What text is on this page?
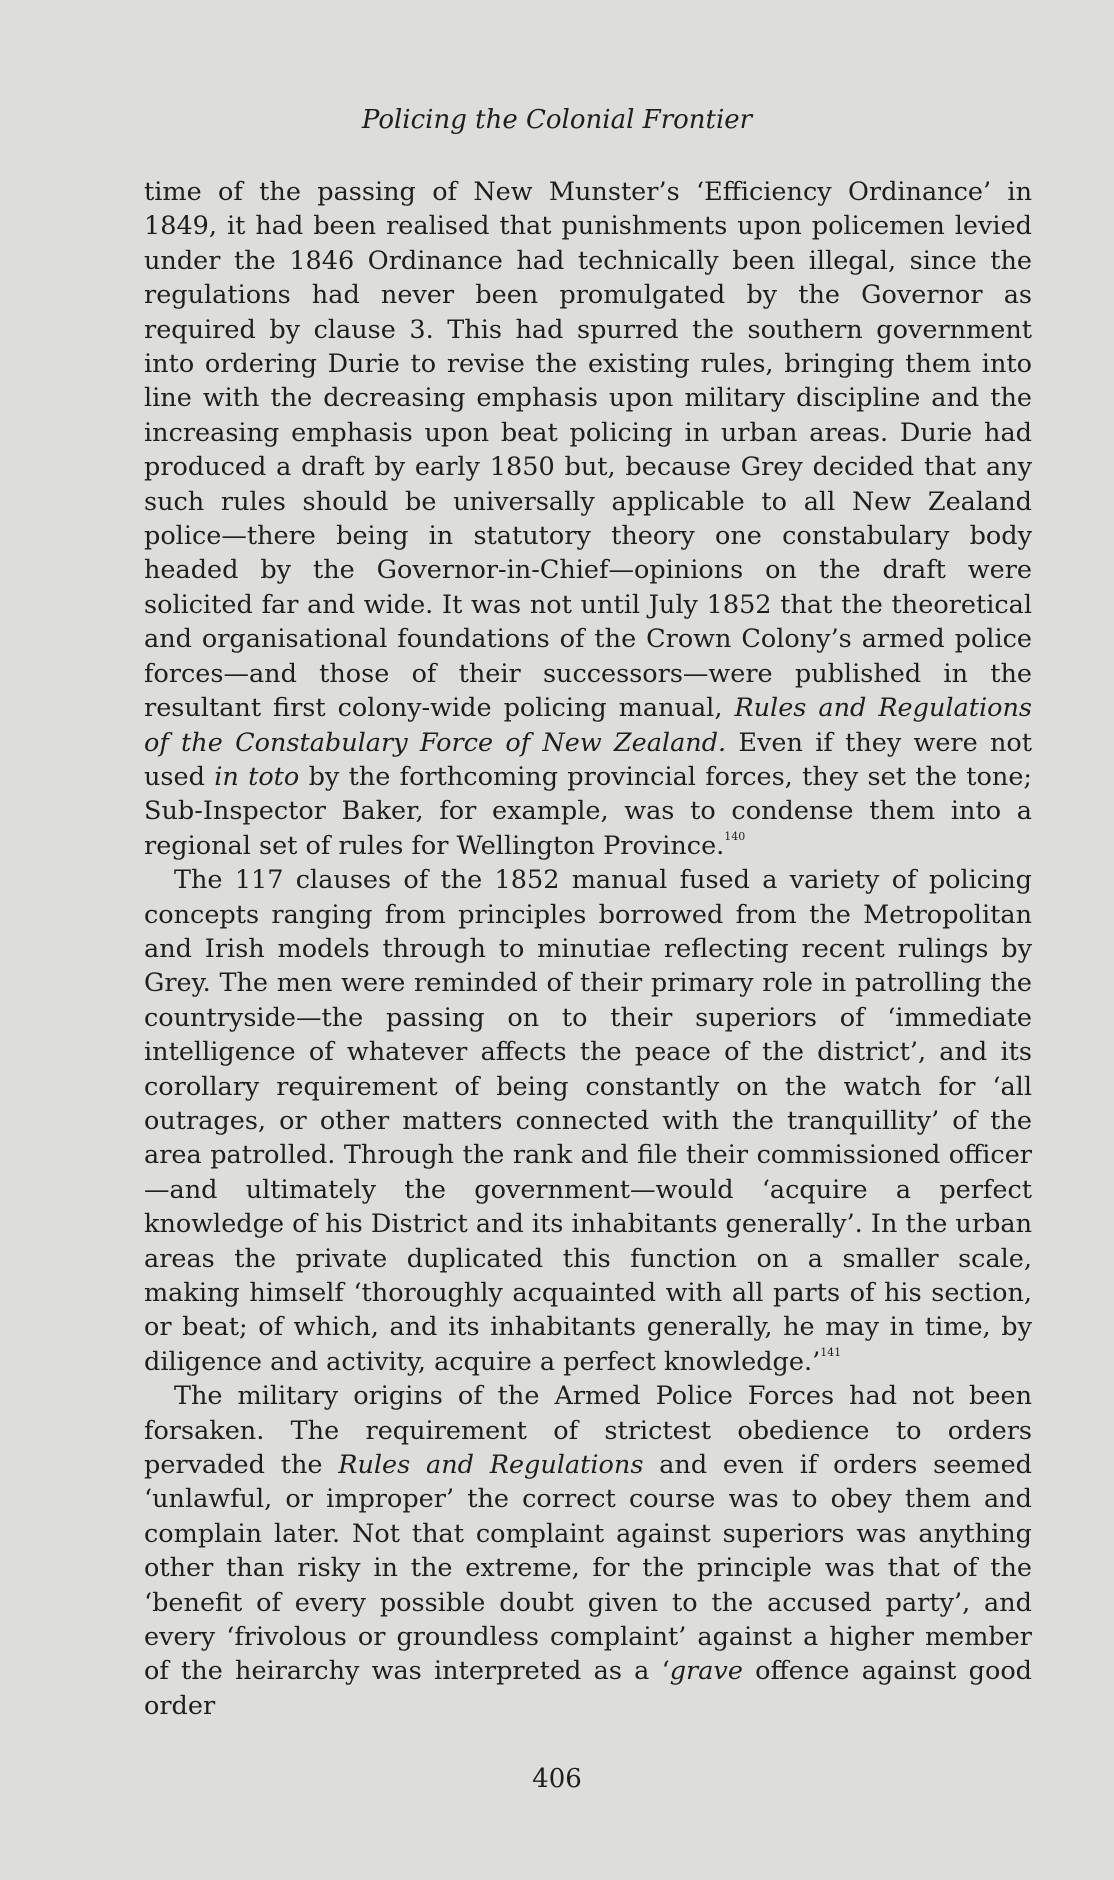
Policing the Colonial Frontier

time of the passing of New Munster’s ‘Efficiency Ordinance’ in 1849, it had been realised that punishments upon policemen levied under the 1846 Ordinance had technically been illegal, since the regulations had never been promulgated by the Governor as required by clause 3. This had spurred the southern government into ordering Durie to revise the existing rules, bringing them into line with the decreasing emphasis upon military discipline and the increasing emphasis upon beat policing in urban areas. Durie had produced a draft by early 1850 but, because Grey decided that any such rules should be universally applicable to all New Zealand police—there being in statutory theory one constabulary body headed by the Governor-in-Chief—opinions on the draft were solicited far and wide. It was not until July 1852 that the theoretical and organisational foundations of the Crown Colony’s armed police forces—and those of their successors—were published in the resultant first colony-wide policing manual, Rules and Regulations of the Constabulary Force of New Zealand. Even if they were not used in toto by the forthcoming provincial forces, they set the tone; Sub-Inspector Baker, for example, was to condense them into a regional set of rules for Wellington Province.$^{140}$

The 117 clauses of the 1852 manual fused a variety of policing concepts ranging from principles borrowed from the Metropolitan and Irish models through to minutiae reflecting recent rulings by Grey. The men were reminded of their primary role in patrolling the countryside—the passing on to their superiors of ‘immediate intelligence of whatever affects the peace of the district’, and its corollary requirement of being constantly on the watch for ‘all outrages, or other matters connected with the tranquillity’ of the area patrolled. Through the rank and file their commissioned officer—and ultimately the government—would ‘acquire a perfect knowledge of his District and its inhabitants generally’. In the urban areas the private duplicated this function on a smaller scale, making himself ‘thoroughly acquainted with all parts of his section, or beat; of which, and its inhabitants generally, he may in time, by diligence and activity, acquire a perfect knowledge.’$^{141}$

The military origins of the Armed Police Forces had not been forsaken. The requirement of strictest obedience to orders pervaded the Rules and Regulations and even if orders seemed ‘unlawful, or improper’ the correct course was to obey them and complain later. Not that complaint against superiors was anything other than risky in the extreme, for the principle was that of the ‘benefit of every possible doubt given to the accused party’, and every ‘frivolous or groundless complaint’ against a higher member of the heirarchy was interpreted as a ‘grave offence against good order

406
